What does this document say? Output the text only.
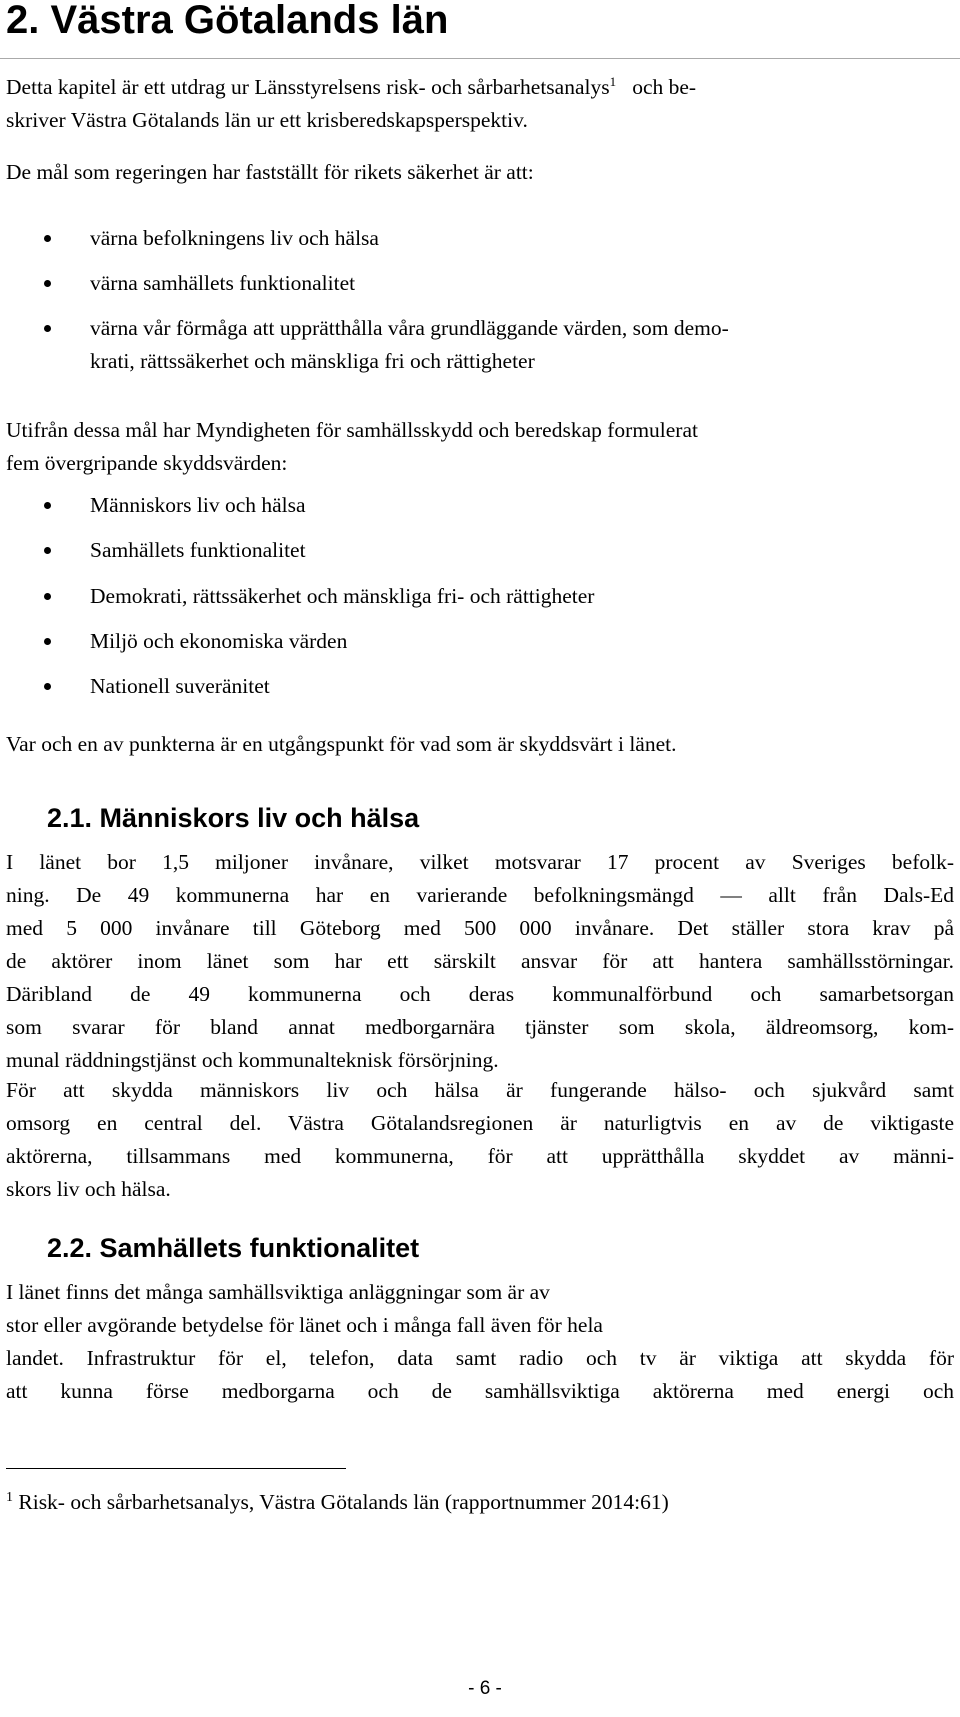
2. Västra Götalands län

Detta kapitel är ett utdrag ur Länsstyrelsens risk- och sårbarhetsanalys$^1$ och be-
skriver Västra Götalands län ur ett krisberedskapsperspektiv.

De mål som regeringen har fastställt för rikets säkerhet är att:

värna befolkningens liv och hälsa
värna samhällets funktionalitet
värna vår förmåga att upprätthålla våra grundläggande värden, som demo-
krati, rättssäkerhet och mänskliga fri och rättigheter

Utifrån dessa mål har Myndigheten för samhällsskydd och beredskap formulerat
fem övergripande skyddsvärden:

Människors liv och hälsa
Samhällets funktionalitet
Demokrati, rättssäkerhet och mänskliga fri- och rättigheter
Miljö och ekonomiska värden
Nationell suveränitet

Var och en av punkterna är en utgångspunkt för vad som är skyddsvärt i länet.

2.1. Människors liv och hälsa

I länet bor 1,5 miljoner invånare, vilket motsvarar 17 procent av Sveriges befolk-
ning. De 49 kommunerna har en varierande befolkningsmängd — allt från Dals-Ed
med 5 000 invånare till Göteborg med 500 000 invånare. Det ställer stora krav på
de aktörer inom länet som har ett särskilt ansvar för att hantera samhällsstörningar.
Däribland de 49 kommunerna och deras kommunalförbund och samarbetsorgan
som svarar för bland annat medborgarnära tjänster som skola, äldreomsorg, kom-
munal räddningstjänst och kommunalteknisk försörjning.

För att skydda människors liv och hälsa är fungerande hälso- och sjukvård samt
omsorg en central del. Västra Götalandsregionen är naturligtvis en av de viktigaste
aktörerna, tillsammans med kommunerna, för att upprätthålla skyddet av männi-
skors liv och hälsa.

2.2. Samhällets funktionalitet

I länet finns det många samhällsviktiga anläggningar som är av
stor eller avgörande betydelse för länet och i många fall även för hela
landet. Infrastruktur för el, telefon, data samt radio och tv är viktiga att skydda för
att kunna förse medborgarna och de samhällsviktiga aktörerna med energi och

$^1$ Risk- och sårbarhetsanalys, Västra Götalands län (rapportnummer 2014:61)
- 6 -
